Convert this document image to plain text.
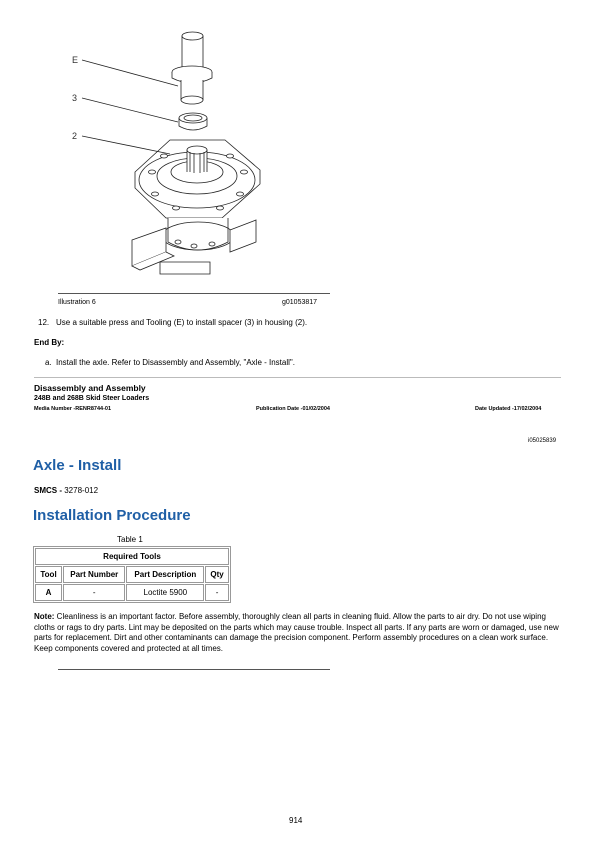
E
3
2
Illustration 6	g01053817
12. Use a suitable press and Tooling (E) to install spacer (3) in housing (2).
End By:
a. Install the axle. Refer to Disassembly and Assembly, "Axle - Install".
Disassembly and Assembly
248B and 268B Skid Steer Loaders
Media Number -RENR8744-01	Publication Date -01/02/2004	Date Updated -17/02/2004
i05025839
Axle - Install
SMCS - 3278-012
Installation Procedure
Table 1
Required Tools			
Tool	Part Number	Part Description	Qty
A	-	Loctite 5900	-
Note: Cleanliness is an important factor. Before assembly, thoroughly clean all parts in cleaning fluid. Allow the parts to air dry. Do not use wiping cloths or rags to dry parts. Lint may be deposited on the parts which may cause trouble. Inspect all parts. If any parts are worn or damaged, use new parts for replacement. Dirt and other contaminants can damage the precision component. Perform assembly procedures on a clean work surface. Keep components covered and protected at all times.
914
